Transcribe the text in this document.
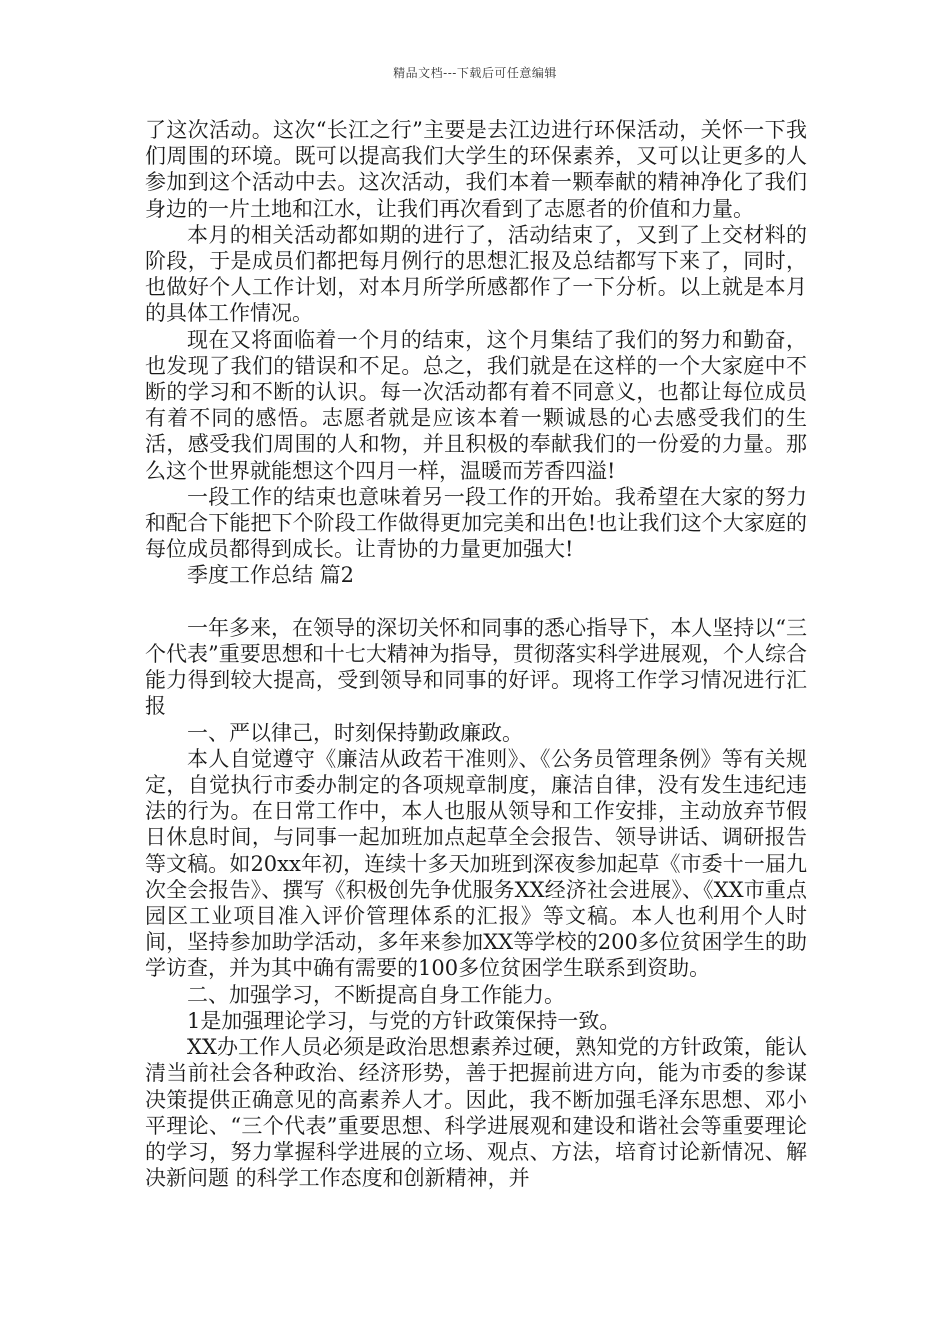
精品文档---下载后可任意编辑

了这次活动。这次“长江之行”主要是去江边进行环保活动，关怀一下我们周围的环境。既可以提高我们大学生的环保素养，又可以让更多的人参加到这个活动中去。这次活动，我们本着一颗奉献的精神净化了我们身边的一片土地和江水，让我们再次看到了志愿者的价值和力量。

本月的相关活动都如期的进行了，活动结束了，又到了上交材料的阶段，于是成员们都把每月例行的思想汇报及总结都写下来了，同时，也做好个人工作计划，对本月所学所感都作了一下分析。以上就是本月的具体工作情况。

现在又将面临着一个月的结束，这个月集结了我们的努力和勤奋，也发现了我们的错误和不足。总之，我们就是在这样的一个大家庭中不断的学习和不断的认识。每一次活动都有着不同意义，也都让每位成员有着不同的感悟。志愿者就是应该本着一颗诚恳的心去感受我们的生活，感受我们周围的人和物，并且积极的奉献我们的一份爱的力量。那么这个世界就能想这个四月一样，温暖而芳香四溢!

一段工作的结束也意味着另一段工作的开始。我希望在大家的努力和配合下能把下个阶段工作做得更加完美和出色!也让我们这个大家庭的每位成员都得到成长。让青协的力量更加强大!

季度工作总结 篇2

一年多来，在领导的深切关怀和同事的悉心指导下，本人坚持以“三个代表”重要思想和十七大精神为指导，贯彻落实科学进展观，个人综合能力得到较大提高，受到领导和同事的好评。现将工作学习情况进行汇报

一、严以律己，时刻保持勤政廉政。

本人自觉遵守《廉洁从政若干准则》、《公务员管理条例》等有关规定，自觉执行市委办制定的各项规章制度，廉洁自律，没有发生违纪违法的行为。在日常工作中，本人也服从领导和工作安排，主动放弃节假日休息时间，与同事一起加班加点起草全会报告、领导讲话、调研报告等文稿。如20xx年初，连续十多天加班到深夜参加起草《市委十一届九次全会报告》、撰写《积极创先争优服务XX经济社会进展》、《XX市重点园区工业项目准入评价管理体系的汇报》等文稿。本人也利用个人时间，坚持参加助学活动，多年来参加XX等学校的200多位贫困学生的助学访查，并为其中确有需要的100多位贫困学生联系到资助。

二、加强学习，不断提高自身工作能力。

1是加强理论学习，与党的方针政策保持一致。

XX办工作人员必须是政治思想素养过硬，熟知党的方针政策，能认清当前社会各种政治、经济形势，善于把握前进方向，能为市委的参谋决策提供正确意见的高素养人才。因此，我不断加强毛泽东思想、邓小平理论、“三个代表”重要思想、科学进展观和建设和谐社会等重要理论的学习，努力掌握科学进展的立场、观点、方法，培育讨论新情况、解决新问题 的科学工作态度和创新精神，并
